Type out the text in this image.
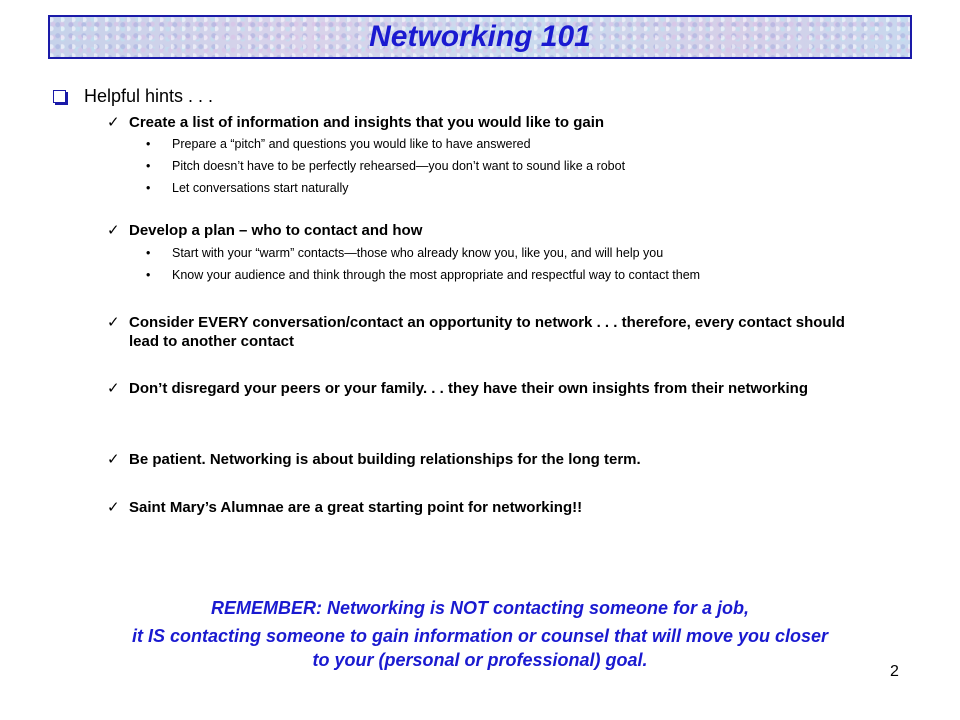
Networking 101
Helpful hints . . .
✓ Create a list of information and insights that you would like to gain
• Prepare a “pitch” and questions you would like to have answered
• Pitch doesn’t have to be perfectly rehearsed—you don’t want to sound like a robot
• Let conversations start naturally
✓ Develop a plan – who to contact and how
• Start with your “warm” contacts—those who already know you, like you, and will help you
• Know your audience and think through the most appropriate and respectful way to contact them
✓ Consider EVERY conversation/contact an opportunity to network . . . therefore, every contact should lead to another contact
✓ Don’t disregard your peers or your family. . . they have their own insights from their networking
✓ Be patient. Networking is about building relationships for the long term.
✓ Saint Mary’s Alumnae are a great starting point for networking!!
REMEMBER: Networking is NOT contacting someone for a job,
it IS contacting someone to gain information or counsel that will move you closer
to your (personal or professional) goal.
2
